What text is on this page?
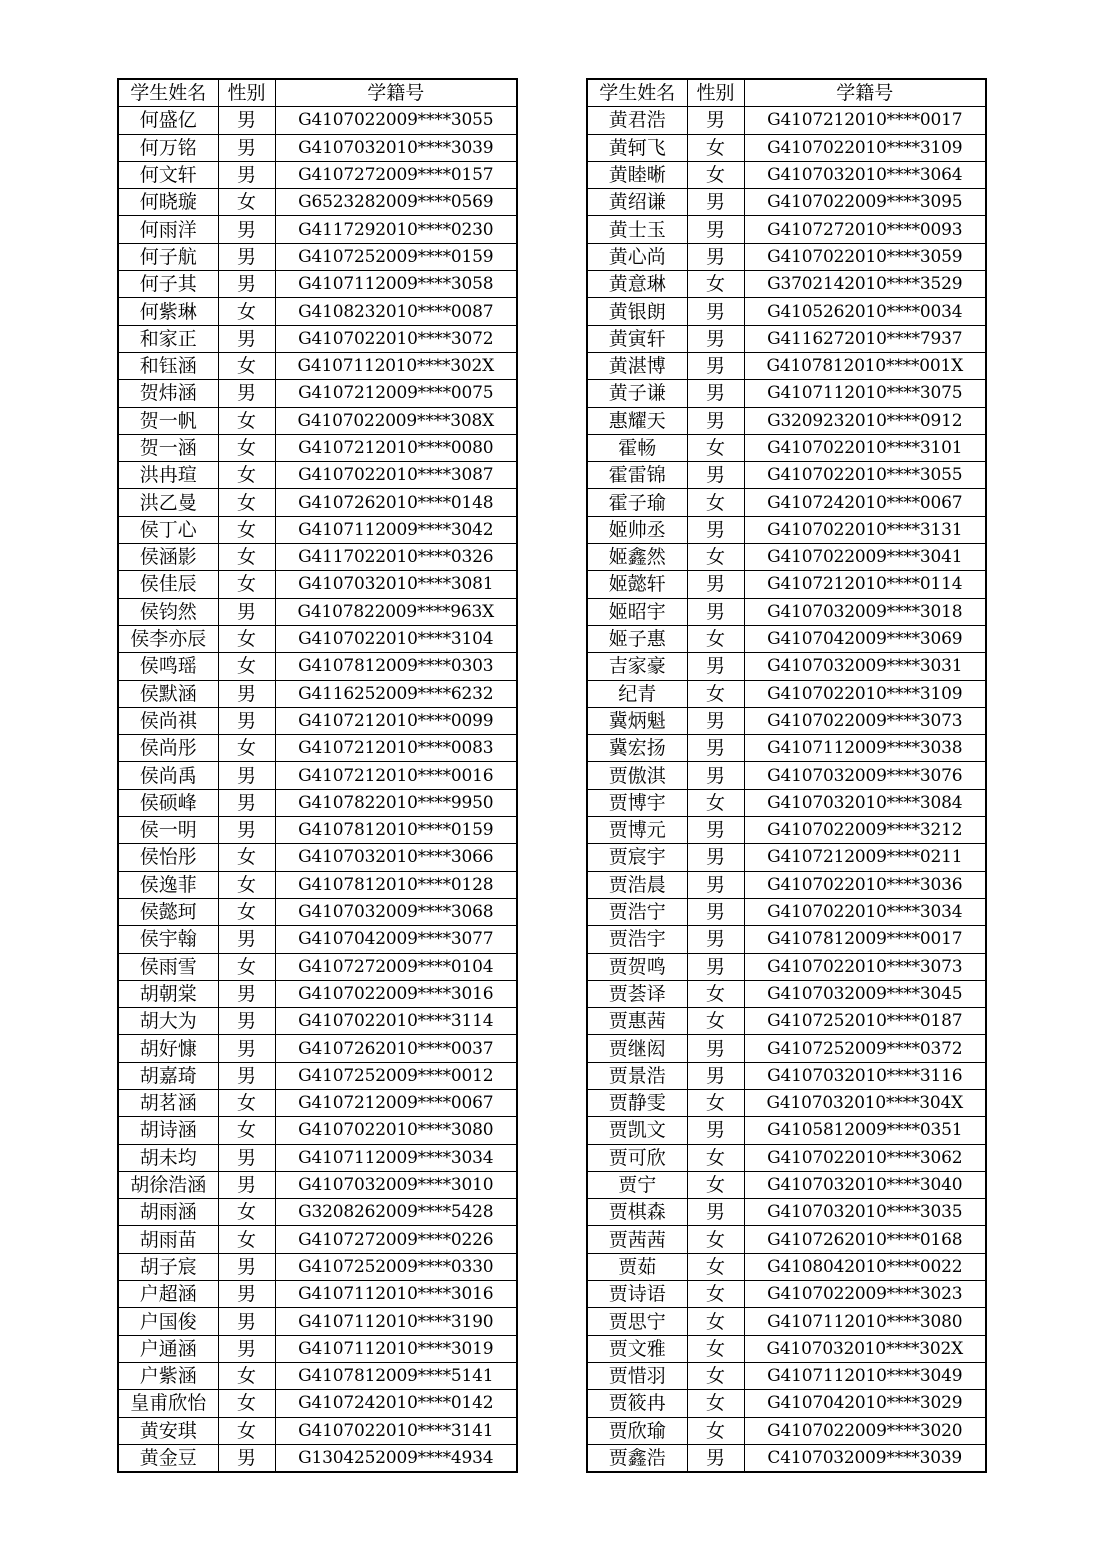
学生姓名	性别	学籍号
何盛亿	男	G4107022009****3055
何万铭	男	G4107032010****3039
何文轩	男	G4107272009****0157
何晓璇	女	G6523282009****0569
何雨洋	男	G4117292010****0230
何子航	男	G4107252009****0159
何子其	男	G4107112009****3058
何紫琳	女	G4108232010****0087
和家正	男	G4107022010****3072
和钰涵	女	G4107112010****302X
贺炜涵	男	G4107212009****0075
贺一帆	女	G4107022009****308X
贺一涵	女	G4107212010****0080
洪冉瑄	女	G4107022010****3087
洪乙曼	女	G4107262010****0148
侯丁心	女	G4107112009****3042
侯涵影	女	G4117022010****0326
侯佳辰	女	G4107032010****3081
侯钧然	男	G4107822009****963X
侯李亦辰	女	G4107022010****3104
侯鸣瑶	女	G4107812009****0303
侯默涵	男	G4116252009****6232
侯尚祺	男	G4107212010****0099
侯尚彤	女	G4107212010****0083
侯尚禹	男	G4107212010****0016
侯硕峰	男	G4107822010****9950
侯一明	男	G4107812010****0159
侯怡彤	女	G4107032010****3066
侯逸菲	女	G4107812010****0128
侯懿珂	女	G4107032009****3068
侯宇翰	男	G4107042009****3077
侯雨雪	女	G4107272009****0104
胡朝棠	男	G4107022009****3016
胡大为	男	G4107022010****3114
胡好慷	男	G4107262010****0037
胡嘉琦	男	G4107252009****0012
胡茗涵	女	G4107212009****0067
胡诗涵	女	G4107022010****3080
胡未均	男	G4107112009****3034
胡徐浩涵	男	G4107032009****3010
胡雨涵	女	G3208262009****5428
胡雨苗	女	G4107272009****0226
胡子宸	男	G4107252009****0330
户超涵	男	G4107112010****3016
户国俊	男	G4107112010****3190
户通涵	男	G4107112010****3019
户紫涵	女	G4107812009****5141
皇甫欣怡	女	G4107242010****0142
黄安琪	女	G4107022010****3141
黄金豆	男	G1304252009****4934
学生姓名	性别	学籍号
黄君浩	男	G4107212010****0017
黄轲飞	女	G4107022010****3109
黄睦晰	女	G4107032010****3064
黄绍谦	男	G4107022009****3095
黄士玉	男	G4107272010****0093
黄心尚	男	G4107022010****3059
黄意琳	女	G3702142010****3529
黄银朗	男	G4105262010****0034
黄寅轩	男	G4116272010****7937
黄湛博	男	G4107812010****001X
黄子谦	男	G4107112010****3075
惠耀天	男	G3209232010****0912
霍畅	女	G4107022010****3101
霍雷锦	男	G4107022010****3055
霍子瑜	女	G4107242010****0067
姬帅丞	男	G4107022010****3131
姬鑫然	女	G4107022009****3041
姬懿轩	男	G4107212010****0114
姬昭宇	男	G4107032009****3018
姬子惠	女	G4107042009****3069
吉家豪	男	G4107032009****3031
纪青	女	G4107022010****3109
冀炳魁	男	G4107022009****3073
冀宏扬	男	G4107112009****3038
贾傲淇	男	G4107032009****3076
贾博宇	女	G4107032010****3084
贾博元	男	G4107022009****3212
贾宸宇	男	G4107212009****0211
贾浩晨	男	G4107022010****3036
贾浩宁	男	G4107022010****3034
贾浩宇	男	G4107812009****0017
贾贺鸣	男	G4107022010****3073
贾荟译	女	G4107032009****3045
贾惠茜	女	G4107252010****0187
贾继闳	男	G4107252009****0372
贾景浩	男	G4107032010****3116
贾静雯	女	G4107032010****304X
贾凯文	男	G4105812009****0351
贾可欣	女	G4107022010****3062
贾宁	女	G4107032010****3040
贾棋森	男	G4107032010****3035
贾茜茜	女	G4107262010****0168
贾茹	女	G4108042010****0022
贾诗语	女	G4107022009****3023
贾思宁	女	G4107112010****3080
贾文雅	女	G4107032010****302X
贾惜羽	女	G4107112010****3049
贾筱冉	女	G4107042010****3029
贾欣瑜	女	G4107022009****3020
贾鑫浩	男	C4107032009****3039
